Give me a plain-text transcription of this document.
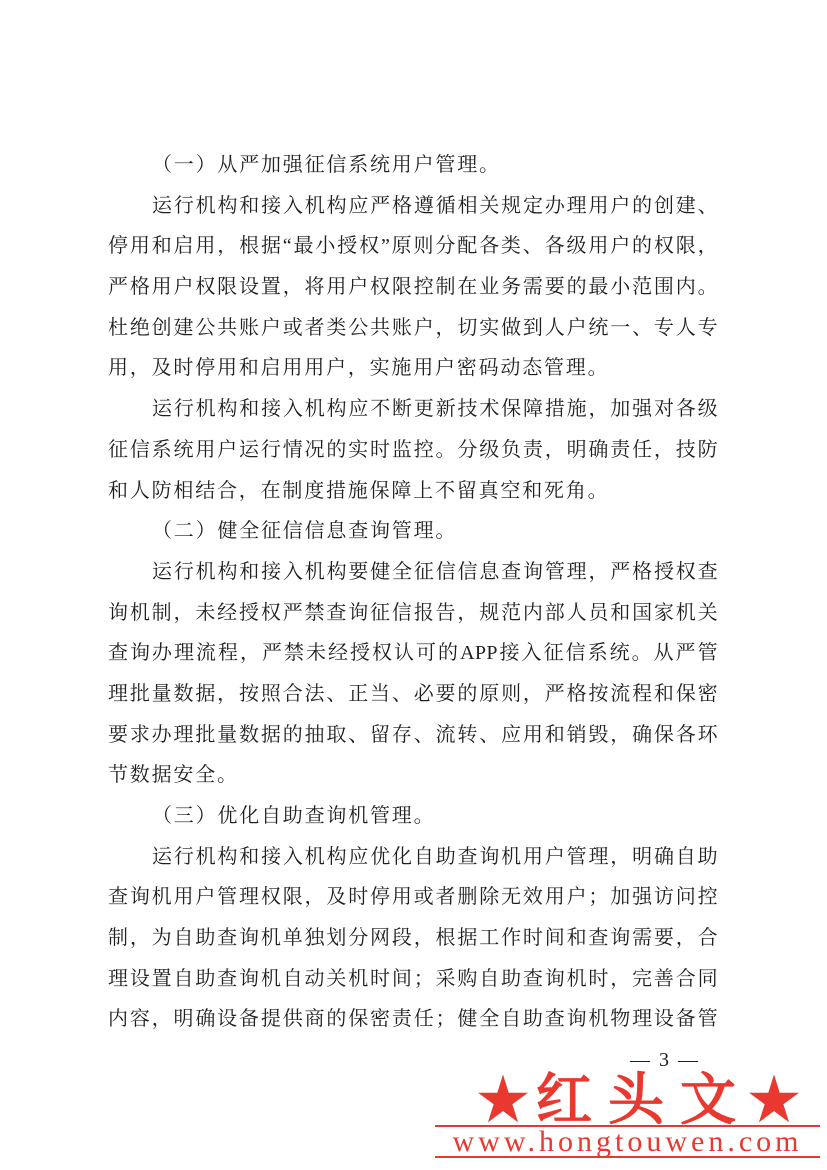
（一）从严加强征信系统用户管理。
运行机构和接入机构应严格遵循相关规定办理用户的创建、
停用和启用，根据“最小授权”原则分配各类、各级用户的权限，
严格用户权限设置，将用户权限控制在业务需要的最小范围内。
杜绝创建公共账户或者类公共账户，切实做到人户统一、专人专
用，及时停用和启用用户，实施用户密码动态管理。
运行机构和接入机构应不断更新技术保障措施，加强对各级
征信系统用户运行情况的实时监控。分级负责，明确责任，技防
和人防相结合，在制度措施保障上不留真空和死角。
（二）健全征信信息查询管理。
运行机构和接入机构要健全征信信息查询管理，严格授权查
询机制，未经授权严禁查询征信报告，规范内部人员和国家机关
查询办理流程，严禁未经授权认可的APP接入征信系统。从严管
理批量数据，按照合法、正当、必要的原则，严格按流程和保密
要求办理批量数据的抽取、留存、流转、应用和销毁，确保各环
节数据安全。
（三）优化自助查询机管理。
运行机构和接入机构应优化自助查询机用户管理，明确自助
查询机用户管理权限，及时停用或者删除无效用户；加强访问控
制，为自助查询机单独划分网段，根据工作时间和查询需要，合
理设置自助查询机自动关机时间；采购自助查询机时，完善合同
内容，明确设备提供商的保密责任；健全自助查询机物理设备管
— 3 —
红头文
www.hongtouwen.com
